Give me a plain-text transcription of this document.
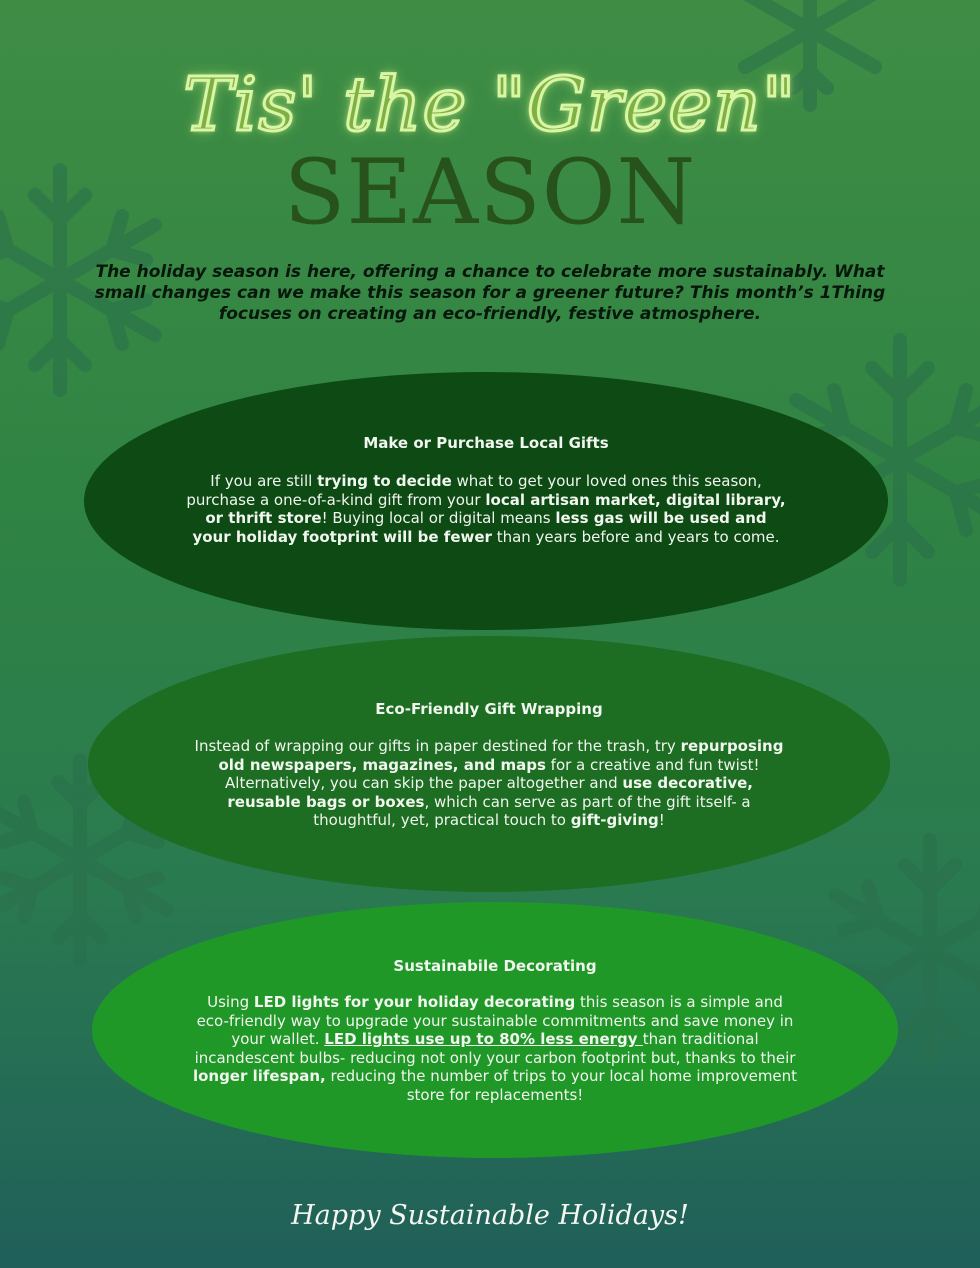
Tis' the "Green"
SEASON
The holiday season is here, offering a chance to celebrate more sustainably. What small changes can we make this season for a greener future? This month’s 1Thing focuses on creating an eco-friendly, festive atmosphere.
Make or Purchase Local Gifts
If you are still trying to decide what to get your loved ones this season, purchase a one-of-a-kind gift from your local artisan market, digital library, or thrift store! Buying local or digital means less gas will be used and your holiday footprint will be fewer than years before and years to come.
Eco-Friendly Gift Wrapping
Instead of wrapping our gifts in paper destined for the trash, try repurposing old newspapers, magazines, and maps for a creative and fun twist! Alternatively, you can skip the paper altogether and use decorative, reusable bags or boxes, which can serve as part of the gift itself- a thoughtful, yet, practical touch to gift-giving!
Sustainabile Decorating
Using LED lights for your holiday decorating this season is a simple and eco-friendly way to upgrade your sustainable commitments and save money in your wallet. LED lights use up to 80% less energy than traditional incandescent bulbs- reducing not only your carbon footprint but, thanks to their longer lifespan, reducing the number of trips to your local home improvement store for replacements!
Happy Sustainable Holidays!
